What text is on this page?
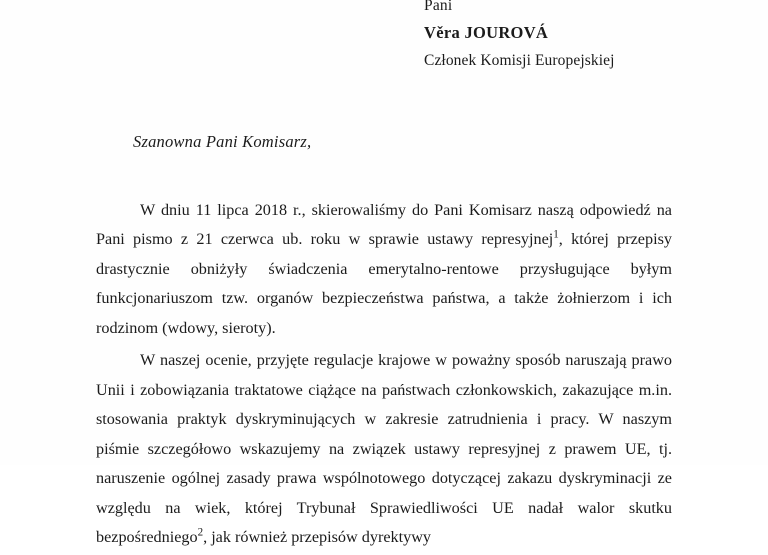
Pani
Věra JOUROVÁ
Członek Komisji Europejskiej
Szanowna Pani Komisarz,

W dniu 11 lipca 2018 r., skierowaliśmy do Pani Komisarz naszą odpowiedź na Pani pismo z 21 czerwca ub. roku w sprawie ustawy represyjnej$^1$, której przepisy drastycznie obniżyły świadczenia emerytalno-rentowe przysługujące byłym funkcjonariuszom tzw. organów bezpieczeństwa państwa, a także żołnierzom i ich rodzinom (wdowy, sieroty).

W naszej ocenie, przyjęte regulacje krajowe w poważny sposób naruszają prawo Unii i zobowiązania traktatowe ciążące na państwach członkowskich, zakazujące m.in. stosowania praktyk dyskryminujących w zakresie zatrudnienia i pracy. W naszym piśmie szczegółowo wskazujemy na związek ustawy represyjnej z prawem UE, tj. naruszenie ogólnej zasady prawa wspólnotowego dotyczącej zakazu dyskryminacji ze względu na wiek, której Trybunał Sprawiedliwości UE nadał walor skutku bezpośredniego$^2$, jak również przepisów dyrektywy
